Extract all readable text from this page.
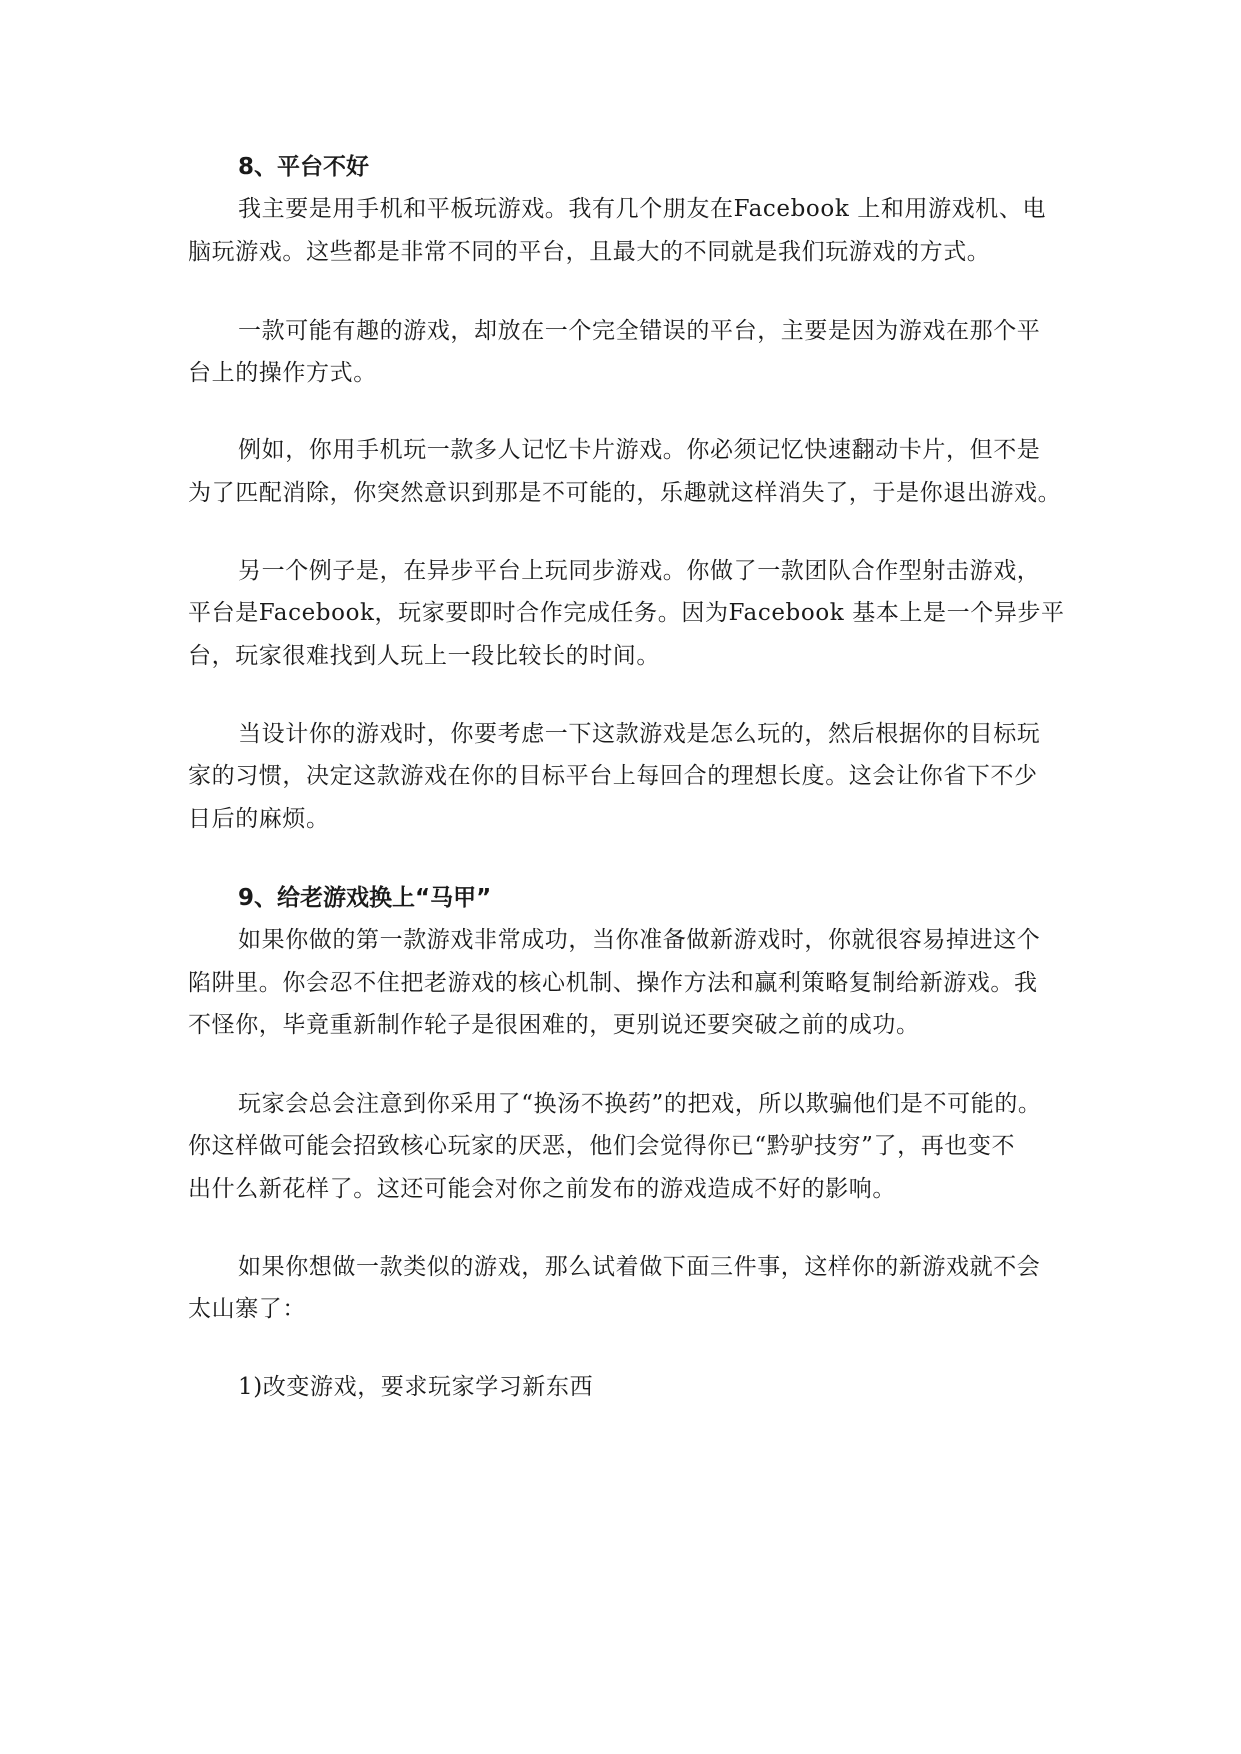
8、平台不好
我主要是用手机和平板玩游戏。我有几个朋友在Facebook 上和用游戏机、电
脑玩游戏。这些都是非常不同的平台，且最大的不同就是我们玩游戏的方式。
一款可能有趣的游戏，却放在一个完全错误的平台，主要是因为游戏在那个平
台上的操作方式。
例如，你用手机玩一款多人记忆卡片游戏。你必须记忆快速翻动卡片，但不是
为了匹配消除，你突然意识到那是不可能的，乐趣就这样消失了，于是你退出游戏。
另一个例子是，在异步平台上玩同步游戏。你做了一款团队合作型射击游戏，
平台是Facebook，玩家要即时合作完成任务。因为Facebook 基本上是一个异步平
台，玩家很难找到人玩上一段比较长的时间。
当设计你的游戏时，你要考虑一下这款游戏是怎么玩的，然后根据你的目标玩
家的习惯，决定这款游戏在你的目标平台上每回合的理想长度。这会让你省下不少
日后的麻烦。
9、给老游戏换上“马甲”
如果你做的第一款游戏非常成功，当你准备做新游戏时，你就很容易掉进这个
陷阱里。你会忍不住把老游戏的核心机制、操作方法和赢利策略复制给新游戏。我
不怪你，毕竟重新制作轮子是很困难的，更别说还要突破之前的成功。
玩家会总会注意到你采用了“换汤不换药”的把戏，所以欺骗他们是不可能的。
你这样做可能会招致核心玩家的厌恶，他们会觉得你已“黔驴技穷”了，再也变不
出什么新花样了。这还可能会对你之前发布的游戏造成不好的影响。
如果你想做一款类似的游戏，那么试着做下面三件事，这样你的新游戏就不会
太山寨了：
1)改变游戏，要求玩家学习新东西
